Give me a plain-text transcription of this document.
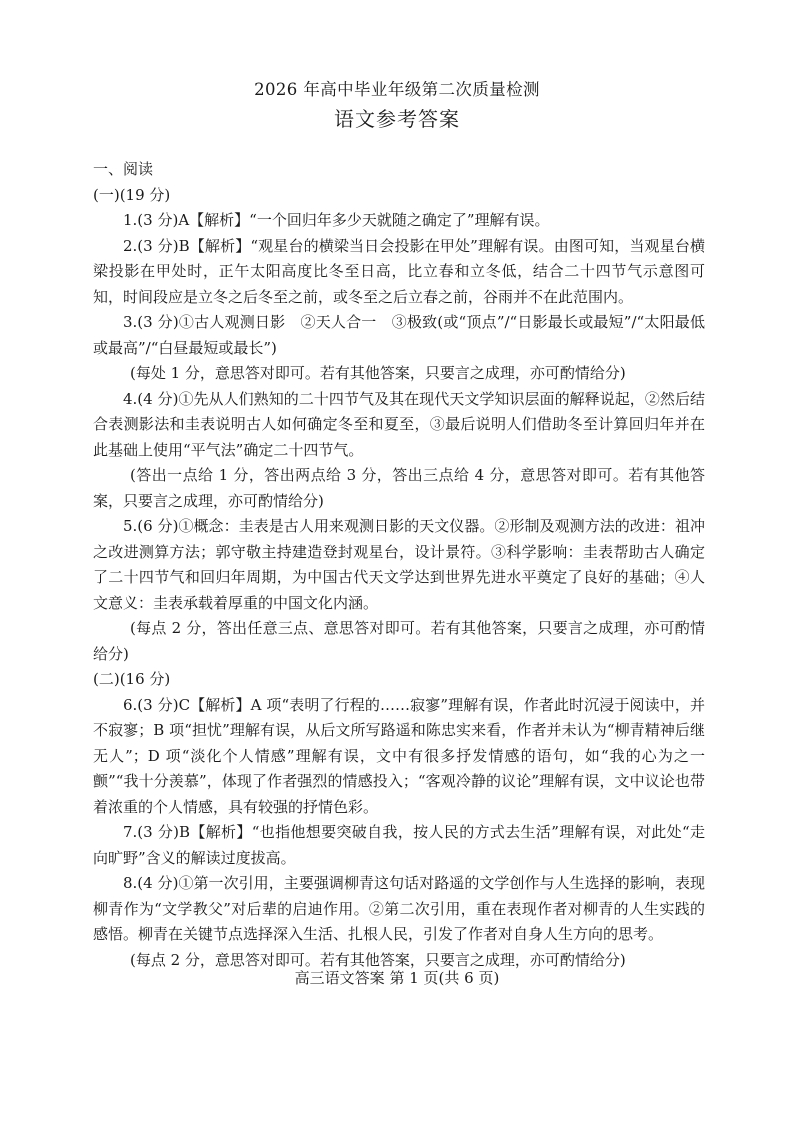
2026 年高中毕业年级第二次质量检测
语文参考答案

一、阅读

(一)(19 分)

1.(3 分)A【解析】“一个回归年多少天就随之确定了”理解有误。

2.(3 分)B【解析】“观星台的横梁当日会投影在甲处”理解有误。由图可知，当观星台横梁投影在甲处时，正午太阳高度比冬至日高，比立春和立冬低，结合二十四节气示意图可知，时间段应是立冬之后冬至之前，或冬至之后立春之前，谷雨并不在此范围内。

3.(3 分)①古人观测日影　②天人合一　③极致(或“顶点”/“日影最长或最短”/“太阳最低或最高”/“白昼最短或最长”)

(每处 1 分，意思答对即可。若有其他答案，只要言之成理，亦可酌情给分)

4.(4 分)①先从人们熟知的二十四节气及其在现代天文学知识层面的解释说起，②然后结合表测影法和圭表说明古人如何确定冬至和夏至，③最后说明人们借助冬至计算回归年并在此基础上使用“平气法”确定二十四节气。

(答出一点给 1 分，答出两点给 3 分，答出三点给 4 分，意思答对即可。若有其他答案，只要言之成理，亦可酌情给分)

5.(6 分)①概念：圭表是古人用来观测日影的天文仪器。②形制及观测方法的改进：祖冲之改进测算方法；郭守敬主持建造登封观星台，设计景符。③科学影响：圭表帮助古人确定了二十四节气和回归年周期，为中国古代天文学达到世界先进水平奠定了良好的基础；④人文意义：圭表承载着厚重的中国文化内涵。

(每点 2 分，答出任意三点、意思答对即可。若有其他答案，只要言之成理，亦可酌情给分)

(二)(16 分)

6.(3 分)C【解析】A 项“表明了行程的……寂寥”理解有误，作者此时沉浸于阅读中，并不寂寥；B 项“担忧”理解有误，从后文所写路遥和陈忠实来看，作者并未认为“柳青精神后继无人”；D 项“淡化个人情感”理解有误，文中有很多抒发情感的语句，如“我的心为之一颤”“我十分羡慕”，体现了作者强烈的情感投入；“客观冷静的议论”理解有误，文中议论也带着浓重的个人情感，具有较强的抒情色彩。

7.(3 分)B【解析】“也指他想要突破自我，按人民的方式去生活”理解有误，对此处“走向旷野”含义的解读过度拔高。

8.(4 分)①第一次引用，主要强调柳青这句话对路遥的文学创作与人生选择的影响，表现柳青作为“文学教父”对后辈的启迪作用。②第二次引用，重在表现作者对柳青的人生实践的感悟。柳青在关键节点选择深入生活、扎根人民，引发了作者对自身人生方向的思考。

(每点 2 分，意思答对即可。若有其他答案，只要言之成理，亦可酌情给分)

高三语文答案 第 1 页(共 6 页)
